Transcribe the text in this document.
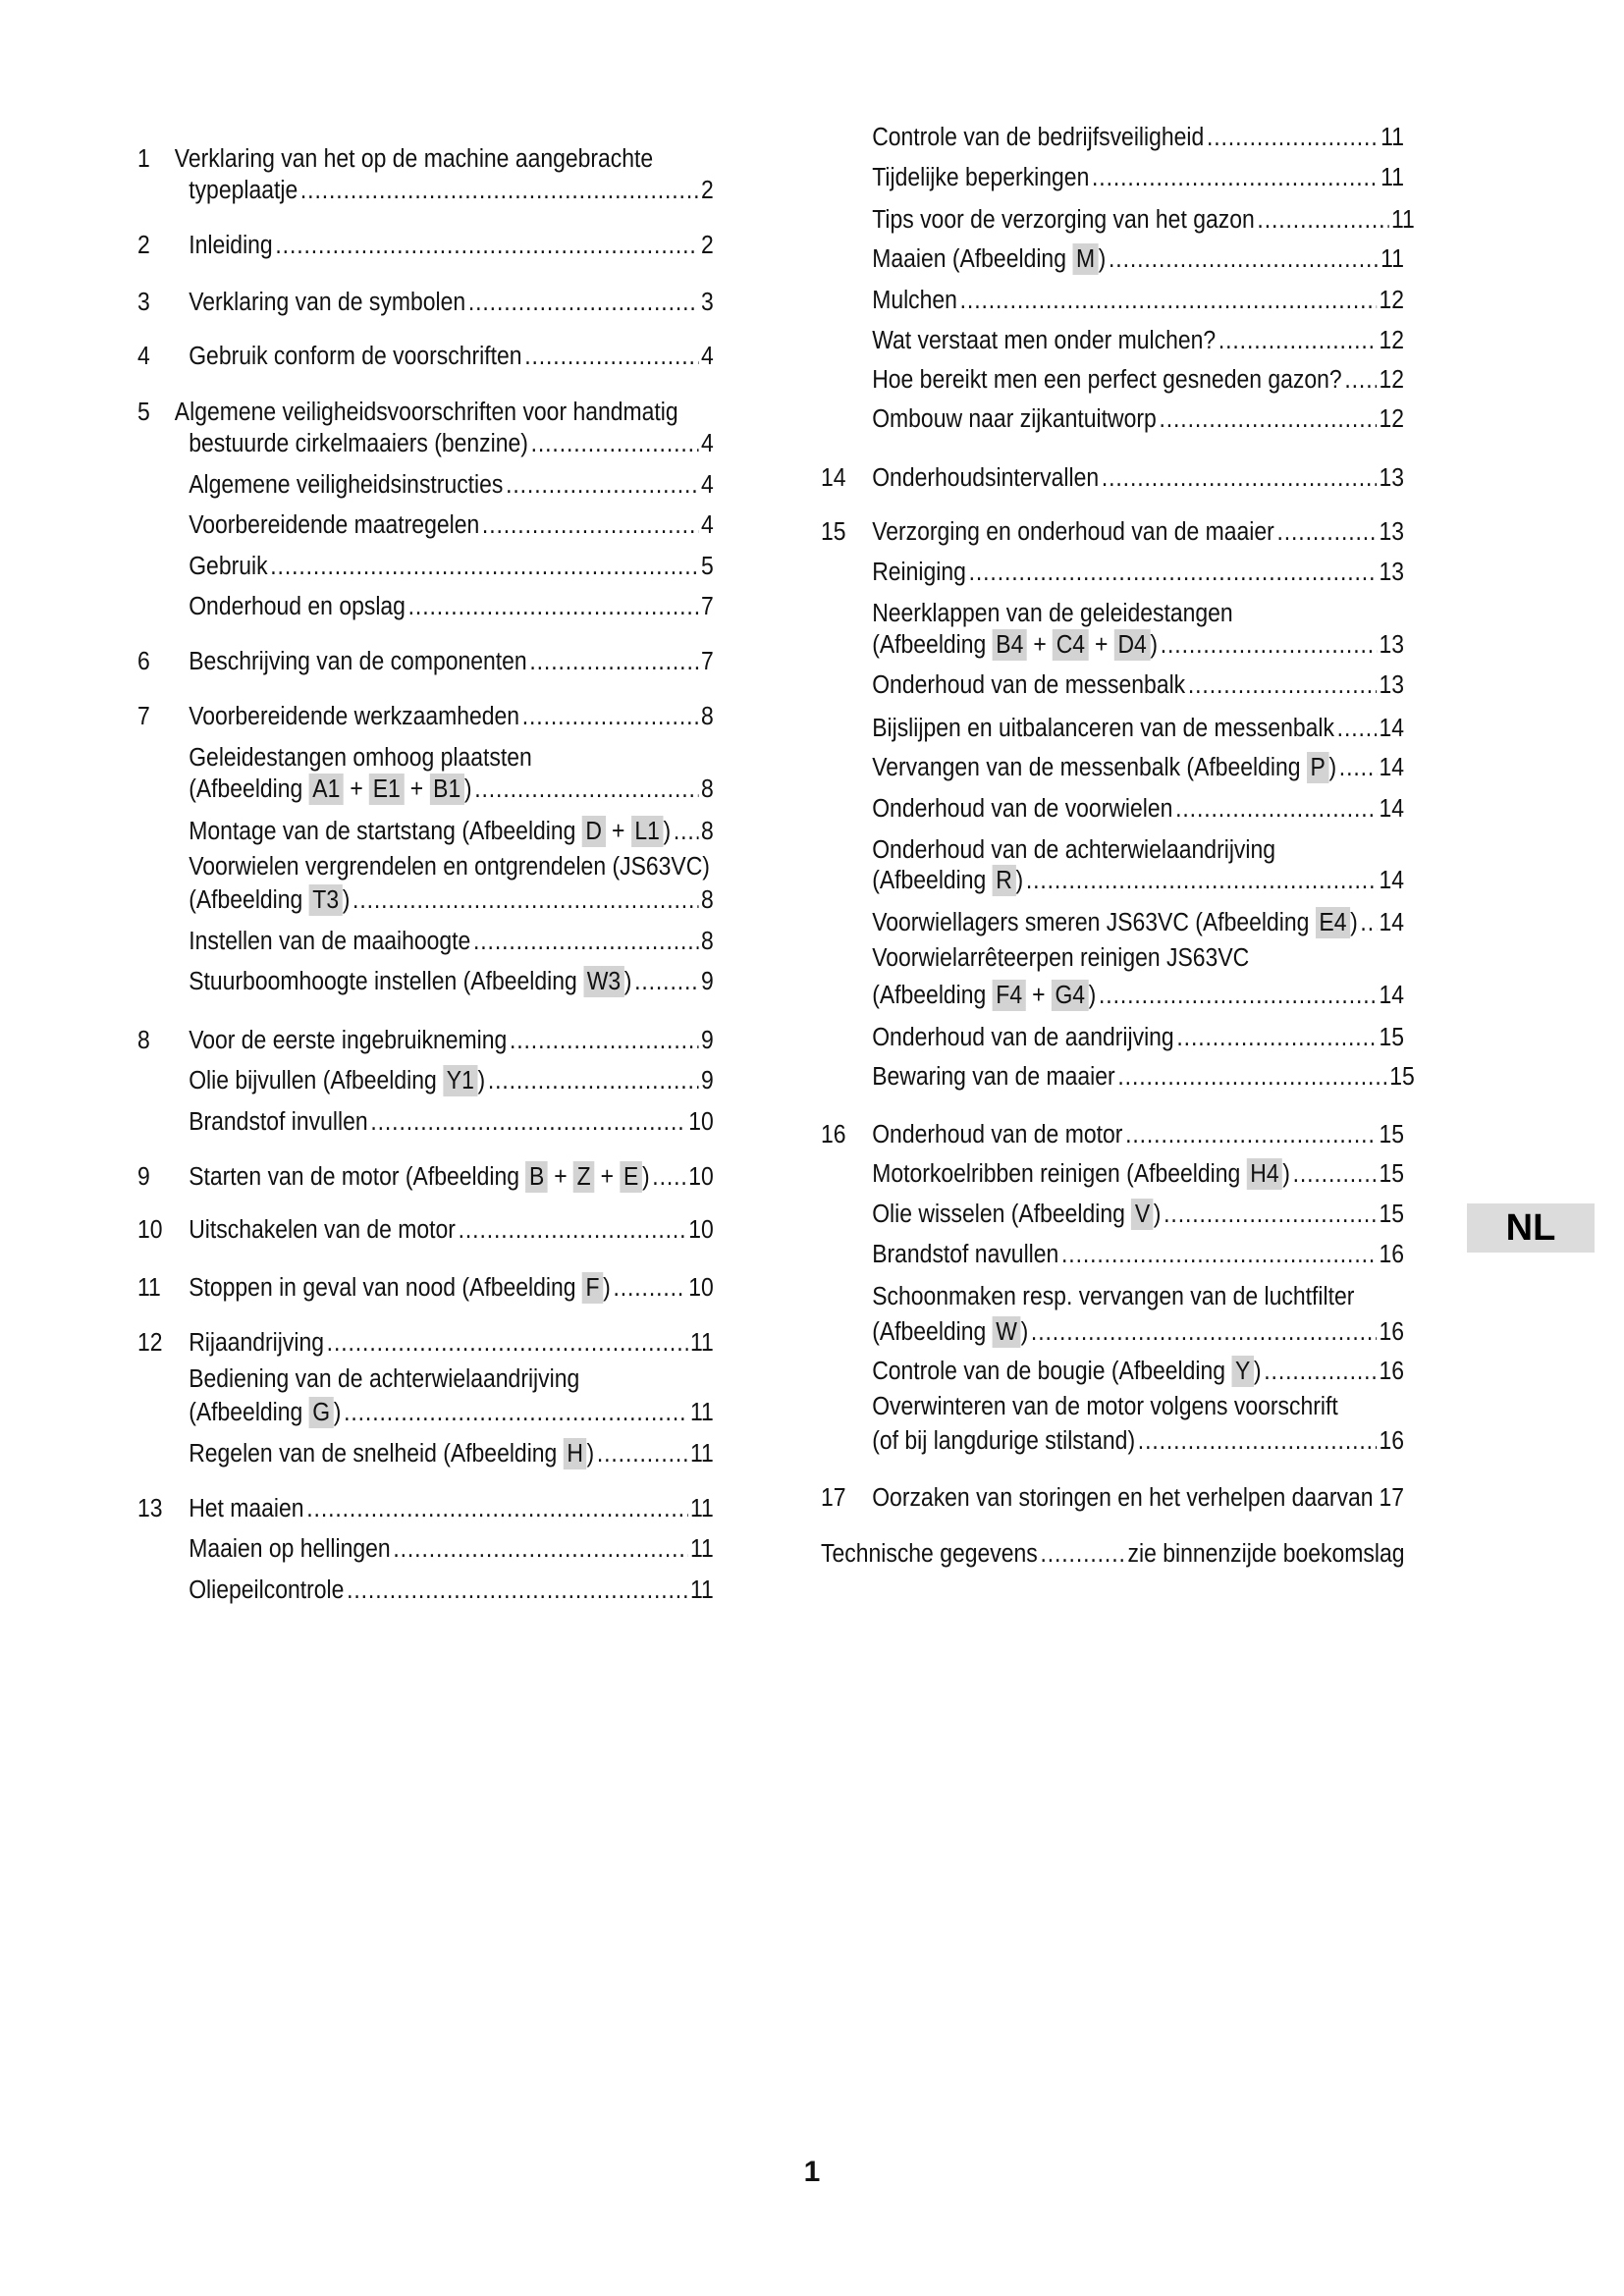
1 Verklaring van het op de machine aangebrachte
typeplaatje .....	2
2 Inleiding .....	2
3 Verklaring van de symbolen .....	3
4 Gebruik conform de voorschriften .....	4
5 Algemene veiligheidsvoorschriften voor handmatig
bestuurde cirkelmaaiers (benzine) .....	4
Algemene veiligheidsinstructies .....	4
Voorbereidende maatregelen .....	4
Gebruik .....	5
Onderhoud en opslag .....	7
6 Beschrijving van de componenten .....	7
7 Voorbereidende werkzaamheden .....	8
Geleidestangen omhoog plaatsten
(Afbeelding
A1 + E1 + B1 ) .....	8
Montage van de startstang (Afbeelding
D + L1 ) ..... 8
Voorwielen vergrendelen en ontgrendelen (JS63VC)
(Afbeelding
T3 ) .....	8
Instellen van de maaihoogte .....	8
Stuurboomhoogte instellen (Afbeelding
W3 ) .....	9
8 Voor de eerste ingebruikneming .....	9
Olie bijvullen (Afbeelding
Y1 ) .....	9
Brandstof invullen .....	10
9 Starten van de motor (Afbeelding
B + Z + E ) ..... 10
10 Uitschakelen van de motor .....	10
11 Stoppen in geval van nood (Afbeelding
F ) .....	10
12 Rijaandrijving .....	11
Bediening van de achterwielaandrijving
(Afbeelding
G ) .....	11
Regelen van de snelheid (Afbeelding
H ) .....	11
13 Het maaien .....	11
Maaien op hellingen .....	11
Oliepeilcontrole .....	11
Controle van de bedrijfsveiligheid .....	11
Tijdelijke beperkingen .....	11
Tips voor de verzorging van het gazon .....	11
Maaien (Afbeelding
M ) .....	11
Mulchen .....	12
Wat verstaat men onder mulchen? .....	12
Hoe bereikt men een perfect gesneden gazon? ..... 12
Ombouw naar zijkantuitworp .....	12
14 Onderhoudsintervallen .....	13
15 Verzorging en onderhoud van de maaier .....	13
Reiniging .....	13
Neerklappen van de geleidestangen
(Afbeelding
B4 + C4 + D4 ) .....	13
Onderhoud van de messenbalk .....	13
Bijslijpen en uitbalanceren van de messenbalk ..... 14
Vervangen van de messenbalk (Afbeelding
P ) ..... 14
Onderhoud van de voorwielen .....	14
Onderhoud van de achterwielaandrijving
(Afbeelding
R ) .....	14
Voorwiellagers smeren JS63VC (Afbeelding
E4 ) ..... 14
Voorwielarrêteerpen reinigen JS63VC
(Afbeelding
F4 + G4 ) .....	14
Onderhoud van de aandrijving .....	15
Bewaring van de maaier .....	15
16 Onderhoud van de motor .....	15
Motorkoelribben reinigen (Afbeelding
H4 ) .....	15
Olie wisselen (Afbeelding
V ) .....	15
Brandstof navullen .....	16
Schoonmaken resp. vervangen van de luchtfilter
(Afbeelding
W ) .....	16
Controle van de bougie (Afbeelding
Y ) .....	16
Overwinteren van de motor volgens voorschrift
(of bij langdurige stilstand) .....	16
17 Oorzaken van storingen en het verhelpen daarvan ..... 17
Technische gegevens .....	zie binnenzijde boekomslag
NL
1
